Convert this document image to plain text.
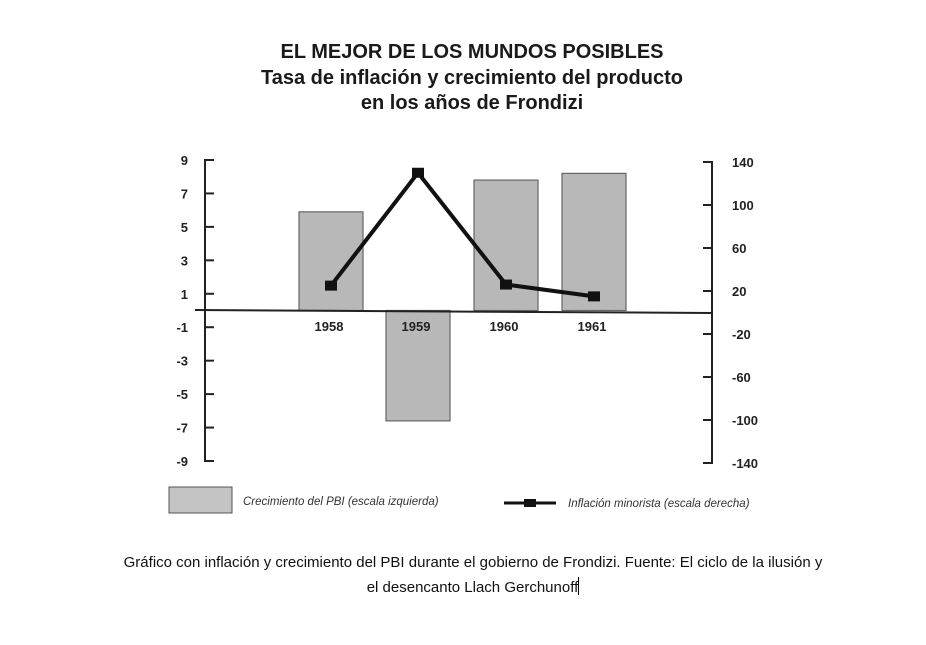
EL MEJOR DE LOS MUNDOS POSIBLES
Tasa de inflación y crecimiento del producto
en los años de Frondizi
9
7
5
3
1
-1
-3
-5
-7
-9
140
100
60
20
-20
-60
-100
-140
1958	1959	1960	1961
Crecimiento del PBI (escala izquierda)	Inflación minorista (escala derecha)
Gráfico con inflación y crecimiento del PBI durante el gobierno de Frondizi. Fuente: El ciclo de la ilusión y
el desencanto Llach Gerchunoff
